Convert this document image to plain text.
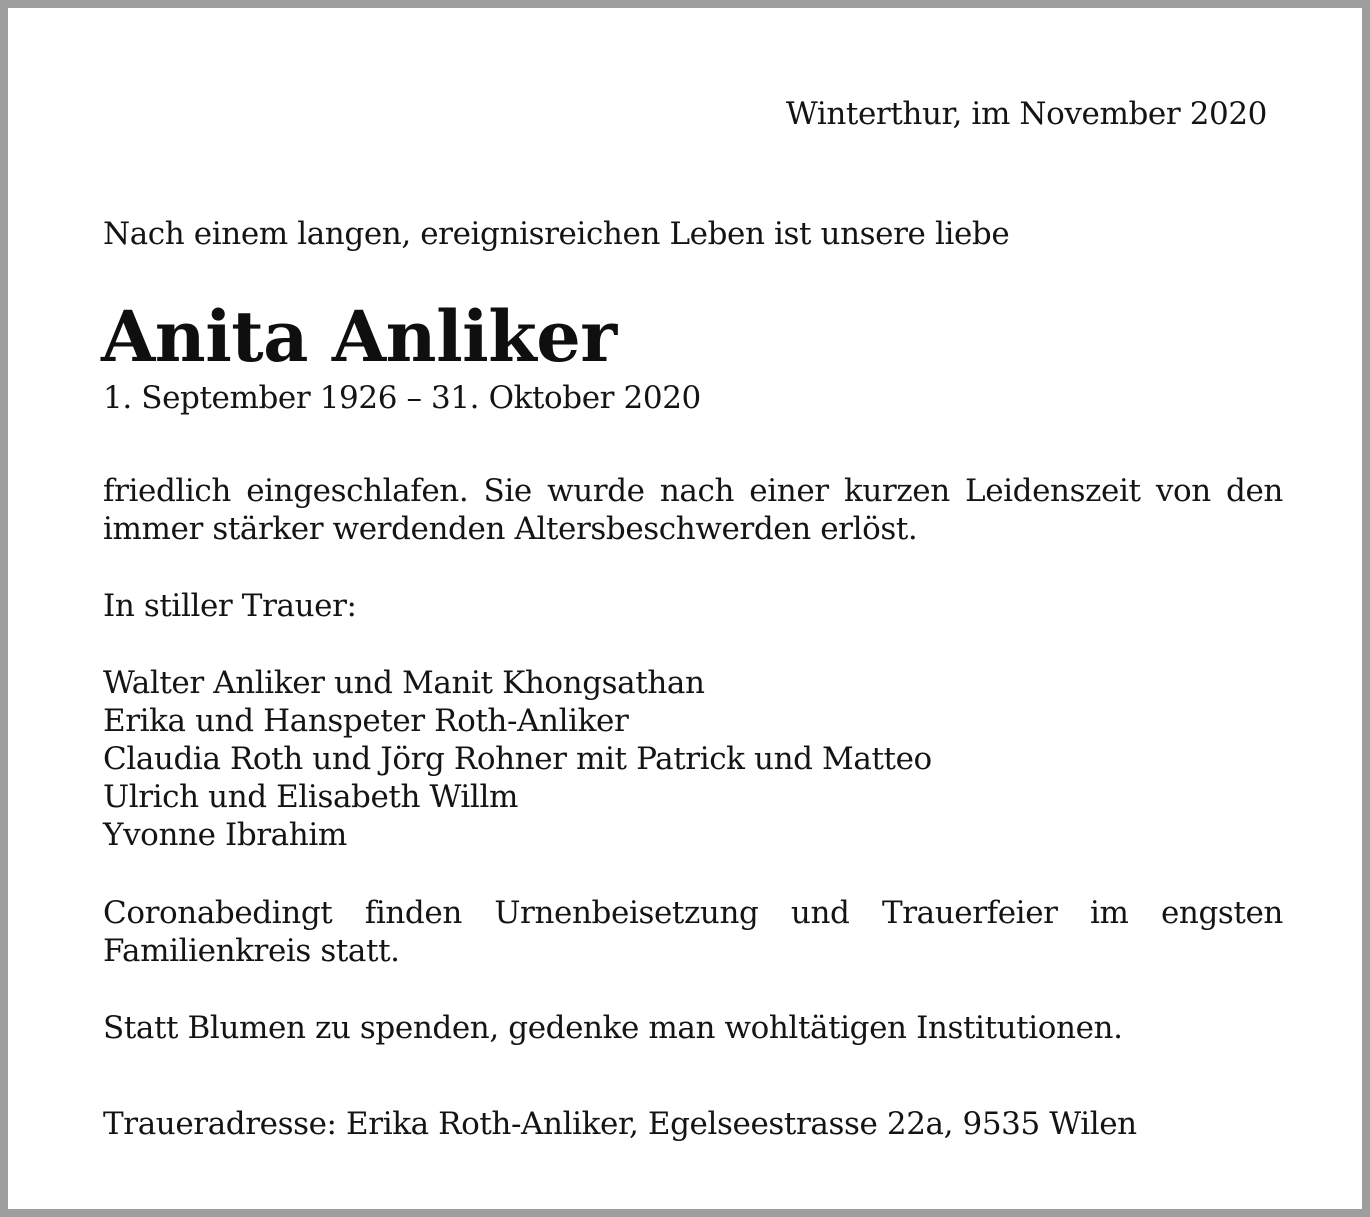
Winterthur, im November 2020

Nach einem langen, ereignisreichen Leben ist unsere liebe

Anita Anliker

1. September 1926 – 31. Oktober 2020

friedlich eingeschlafen. Sie wurde nach einer kurzen Leidenszeit von den immer stärker werdenden Altersbeschwerden erlöst.

In stiller Trauer:

Walter Anliker und Manit Khongsathan
Erika und Hanspeter Roth-Anliker
Claudia Roth und Jörg Rohner mit Patrick und Matteo
Ulrich und Elisabeth Willm
Yvonne Ibrahim

Coronabedingt finden Urnenbeisetzung und Trauerfeier im engsten Familienkreis statt.

Statt Blumen zu spenden, gedenke man wohltätigen Institutionen.

Traueradresse: Erika Roth-Anliker, Egelseestrasse 22a, 9535 Wilen
